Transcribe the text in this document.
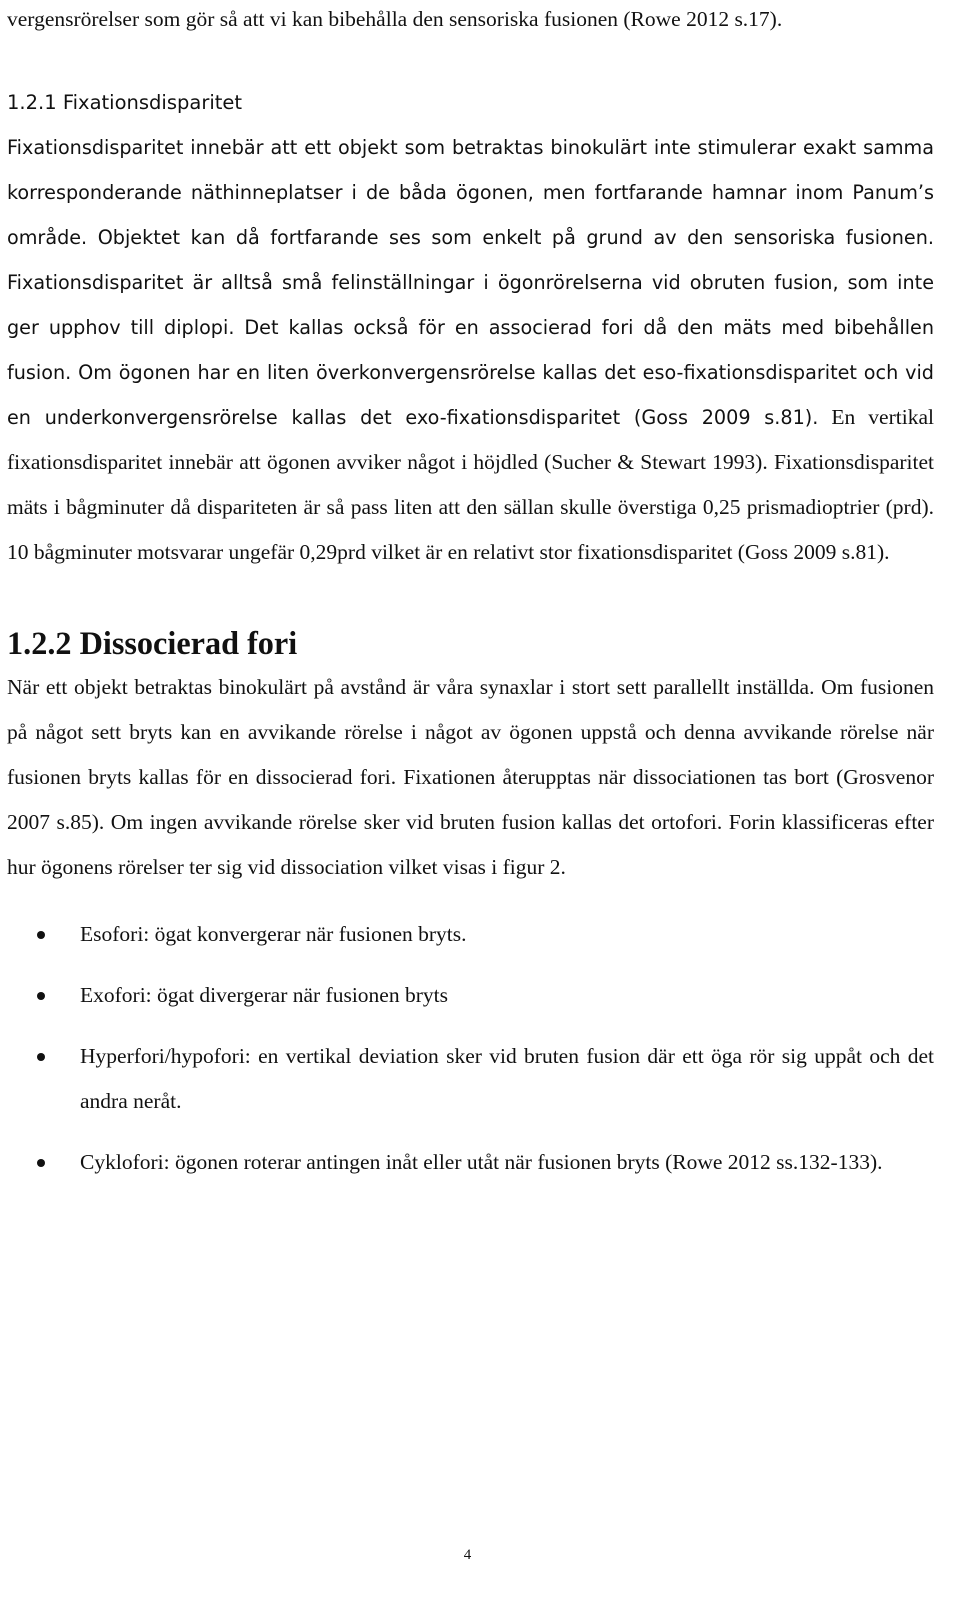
vergensrörelser som gör så att vi kan bibehålla den sensoriska fusionen (Rowe 2012 s.17).

1.2.1 Fixationsdisparitet

Fixationsdisparitet innebär att ett objekt som betraktas binokulärt inte stimulerar exakt samma korresponderande näthinneplatser i de båda ögonen, men fortfarande hamnar inom Panum’s område. Objektet kan då fortfarande ses som enkelt på grund av den sensoriska fusionen. Fixationsdisparitet är alltså små felinställningar i ögonrörelserna vid obruten fusion, som inte ger upphov till diplopi. Det kallas också för en associerad fori då den mäts med bibehållen fusion. Om ögonen har en liten överkonvergensrörelse kallas det eso-fixationsdisparitet och vid en underkonvergensrörelse kallas det exo-fixationsdisparitet (Goss 2009 s.81). En vertikal fixationsdisparitet innebär att ögonen avviker något i höjdled (Sucher & Stewart 1993). Fixationsdisparitet mäts i bågminuter då dispariteten är så pass liten att den sällan skulle överstiga 0,25 prismadioptrier (prd). 10 bågminuter motsvarar ungefär 0,29prd vilket är en relativt stor fixationsdisparitet (Goss 2009 s.81).

1.2.2 Dissocierad fori

När ett objekt betraktas binokulärt på avstånd är våra synaxlar i stort sett parallellt inställda. Om fusionen på något sett bryts kan en avvikande rörelse i något av ögonen uppstå och denna avvikande rörelse när fusionen bryts kallas för en dissocierad fori. Fixationen återupptas när dissociationen tas bort (Grosvenor 2007 s.85). Om ingen avvikande rörelse sker vid bruten fusion kallas det ortofori. Forin klassificeras efter hur ögonens rörelser ter sig vid dissociation vilket visas i figur 2.

Esofori: ögat konvergerar när fusionen bryts.
Exofori: ögat divergerar när fusionen bryts
Hyperfori/hypofori: en vertikal deviation sker vid bruten fusion där ett öga rör sig uppåt och det andra neråt.
Cyklofori: ögonen roterar antingen inåt eller utåt när fusionen bryts (Rowe 2012 ss.132-133).
4
